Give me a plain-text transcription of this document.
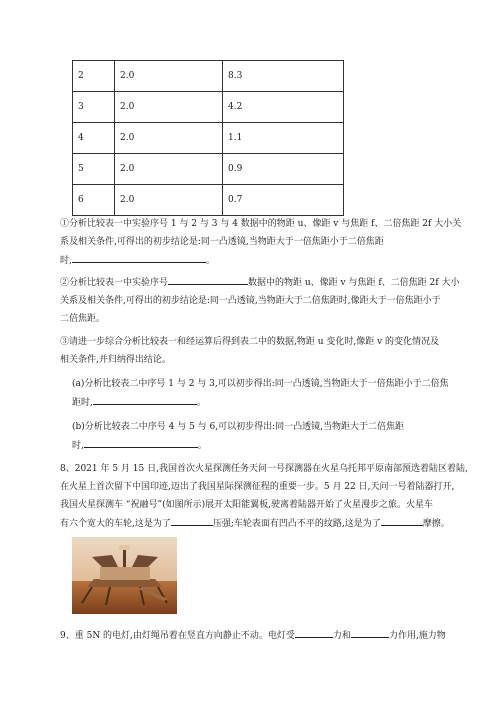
2	2.0	8.3
3	2.0	4.2
4	2.0	1.1
5	2.0	0.9
6	2.0	0.7
①分析比较表一中实验序号 1 与 2 与 3 与 4 数据中的物距 u、像距 v 与焦距 f、二倍焦距 2f 大小关
系及相关条件,可得出的初步结论是:同一凸透镜,当物距大于一倍焦距小于二倍焦距
时,	。
②分析比较表一中实验序号	数据中的物距 u、像距 v 与焦距 f、二倍焦距 2f 大小
关系及相关条件,可得出的初步结论是:同一凸透镜,当物距大于二倍焦距时,像距大于一倍焦距小于
二倍焦距。
③请进一步综合分析比较表一和经运算后得到表二中的数据,物距 u 变化时,像距 v 的变化情况及
相关条件,并归纳得出结论。
(a)分析比较表二中序号 1 与 2 与 3,可以初步得出:同一凸透镜,当物距大于一倍焦距小于二倍焦
距时,	。
(b)分析比较表二中序号 4 与 5 与 6,可以初步得出:同一凸透镜,当物距大于二倍焦距
时,	。
8、2021 年 5 月 15 日,我国首次火星探测任务天问一号探测器在火星乌托邦平原南部预选着陆区着陆,
在火星上首次留下中国印迹,迈出了我国星际探测征程的重要一步。5 月 22 日,天问一号着陆器打开,
我国火星探测车 “祝融号”(如图所示)展开太阳能翼板,驶离着陆器开始了火星漫步之旅。火星车
有六个宽大的车轮,这是为了	压强;车轮表面有凹凸不平的纹路,这是为了	摩擦。
9、重 5N 的电灯,由灯绳吊着在竖直方向静止不动。电灯受	力和	力作用,施力物
